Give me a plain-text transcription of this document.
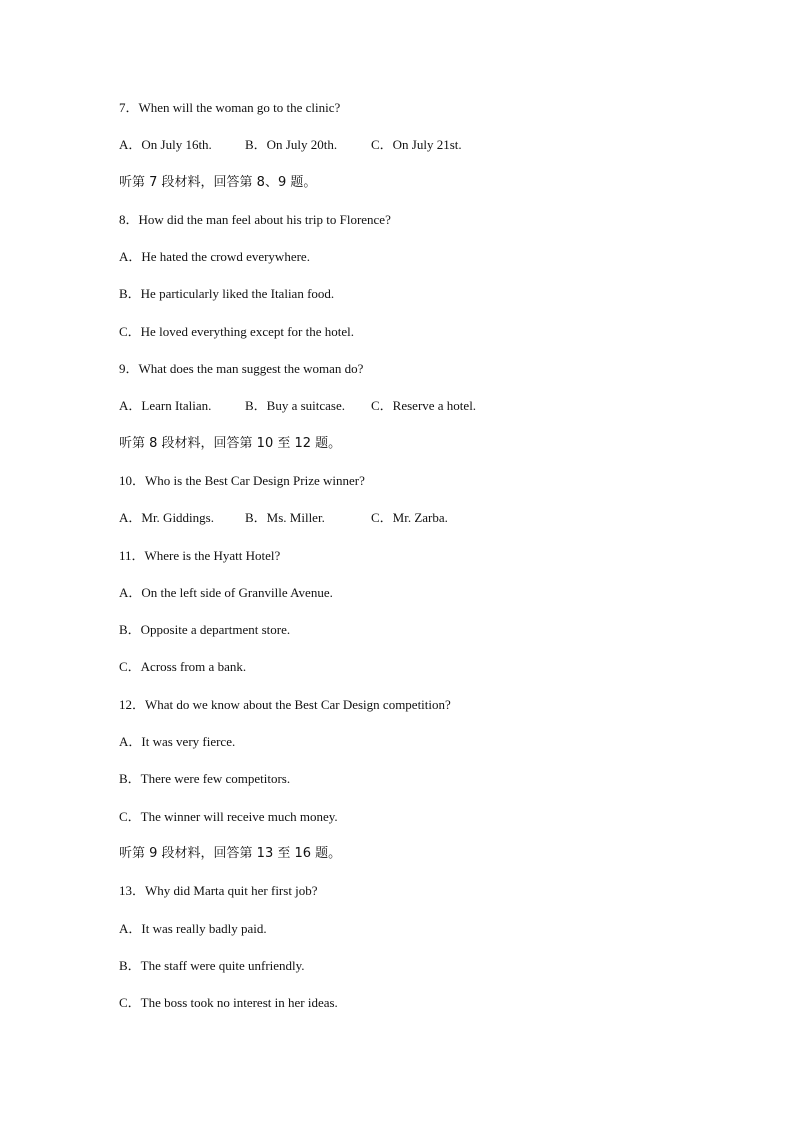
7．When will the woman go to the clinic?
A．On July 16th.	B．On July 20th.	C．On July 21st.
听第 7 段材料，回答第 8、9 题。
8．How did the man feel about his trip to Florence?
A．He hated the crowd everywhere.
B．He particularly liked the Italian food.
C．He loved everything except for the hotel.
9．What does the man suggest the woman do?
A．Learn Italian.	B．Buy a suitcase. C．Reserve a hotel.
听第 8 段材料，回答第 10 至 12 题。
10．Who is the Best Car Design Prize winner?
A．Mr. Giddings. B．Ms. Miller.	C．Mr. Zarba.
11．Where is the Hyatt Hotel?
A．On the left side of Granville Avenue.
B．Opposite a department store.
C．Across from a bank.
12．What do we know about the Best Car Design competition?
A．It was very fierce.
B．There were few competitors.
C．The winner will receive much money.
听第 9 段材料，回答第 13 至 16 题。
13．Why did Marta quit her first job?
A．It was really badly paid.
B．The staff were quite unfriendly.
C．The boss took no interest in her ideas.
